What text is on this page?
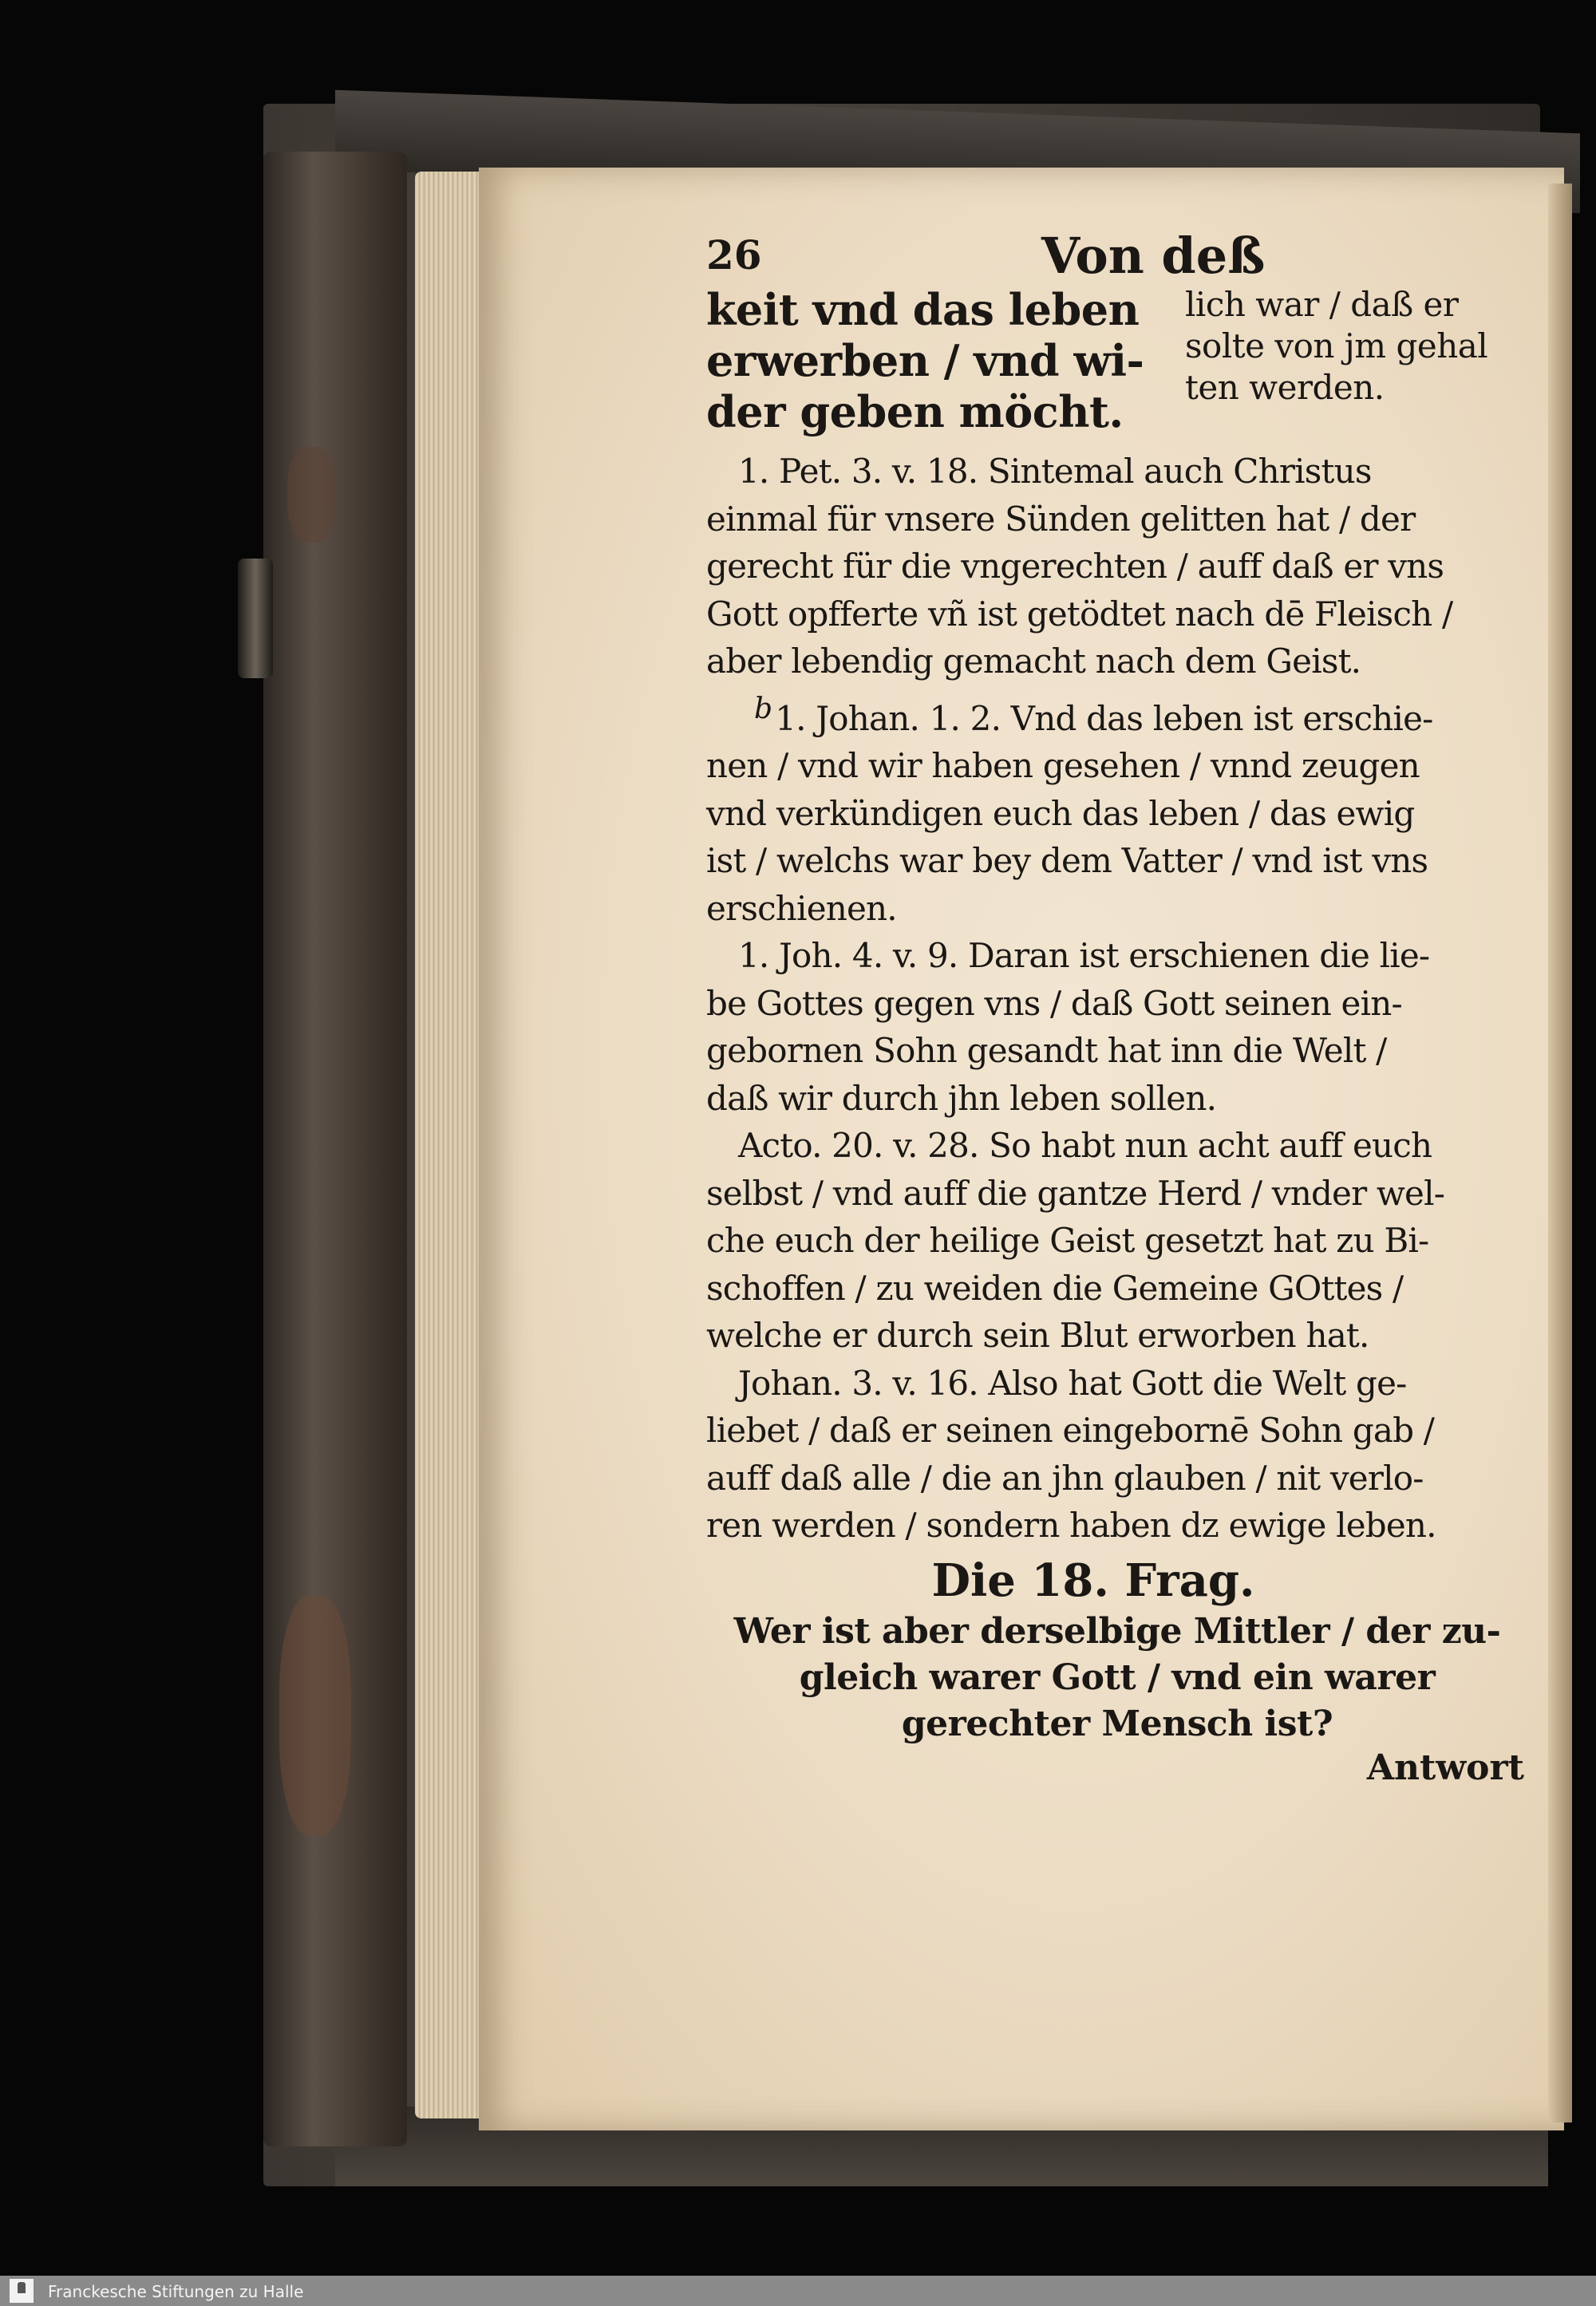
26	Von deß
keit vnd das leben
erwerben / vnd wi-
der geben möcht.
lich war / daß er
solte von jm gehal
ten werden.
1. Pet. 3. v. 18. Sintemal auch Christus
einmal für vnsere Sünden gelitten hat / der
gerecht für die vngerechten / auff daß er vns
Gott opfferte vñ ist getödtet nach dē Fleisch /
aber lebendig gemacht nach dem Geist.
b1. Johan. 1. 2. Vnd das leben ist erschie-
nen / vnd wir haben gesehen / vnnd zeugen
vnd verkündigen euch das leben / das ewig
ist / welchs war bey dem Vatter / vnd ist vns
erschienen.
1. Joh. 4. v. 9. Daran ist erschienen die lie-
be Gottes gegen vns / daß Gott seinen ein-
gebornen Sohn gesandt hat inn die Welt /
daß wir durch jhn leben sollen.
Acto. 20. v. 28. So habt nun acht auff euch
selbst / vnd auff die gantze Herd / vnder wel-
che euch der heilige Geist gesetzt hat zu Bi-
schoffen / zu weiden die Gemeine GOttes /
welche er durch sein Blut erworben hat.
Johan. 3. v. 16. Also hat Gott die Welt ge-
liebet / daß er seinen eingebornē Sohn gab /
auff daß alle / die an jhn glauben / nit verlo-
ren werden / sondern haben dz ewige leben.
Die 18. Frag.
Wer ist aber derselbige Mittler / der zu-
gleich warer Gott / vnd ein warer
gerechter Mensch ist?
Antwort
Franckesche Stiftungen zu Halle
